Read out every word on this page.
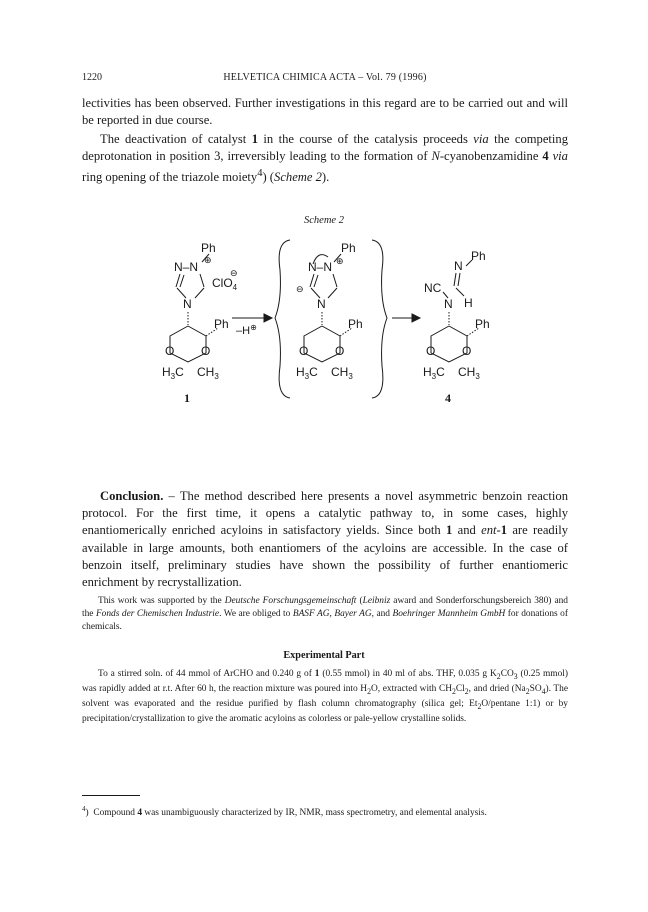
1220	HELVETICA CHIMICA ACTA – Vol. 79 (1996)
lectivities has been observed. Further investigations in this regard are to be carried out and will be reported in due course.
The deactivation of catalyst 1 in the course of the catalysis proceeds via the competing deprotonation in position 3, irreversibly leading to the formation of N-cyanobenzamidine 4 via ring opening of the triazole moiety$^4$) (Scheme 2).
Scheme 2
Ph
N–N ⊕
ClO$_4$
⊖
N
Ph
O O
$H_3C$ $CH_3$
1
–H⊕
Ph
N–N ⊕
⊖
N
Ph
O O
$H_3C$ $CH_3$
Ph
N
NC
H
N
Ph
O O
$H_3C$ $CH_3$
4
Conclusion. – The method described here presents a novel asymmetric benzoin reaction protocol. For the first time, it opens a catalytic pathway to, in some cases, highly enantiomerically enriched acyloins in satisfactory yields. Since both 1 and ent-1 are readily available in large amounts, both enantiomers of the acyloins are accessible. In the case of benzoin itself, preliminary studies have shown the possibility of further enantiomeric enrichment by recrystallization.
This work was supported by the Deutsche Forschungsgemeinschaft (Leibniz award and Sonderforschungsbereich 380) and the Fonds der Chemischen Industrie. We are obliged to BASF AG, Bayer AG, and Boehringer Mannheim GmbH for donations of chemicals.
Experimental Part
To a stirred soln. of 44 mmol of ArCHO and 0.240 g of 1 (0.55 mmol) in 40 ml of abs. THF, 0.035 g $K_2CO_3$ (0.25 mmol) was rapidly added at r.t. After 60 h, the reaction mixture was poured into $H_2O$, extracted with $CH_2Cl_2$, and dried $(Na_2SO_4)$. The solvent was evaporated and the residue purified by flash column chromatography (silica gel; $Et_2O$/pentane 1:1) or by precipitation/crystallization to give the aromatic acyloins as colorless or pale-yellow crystalline solids.
$^4$) Compound 4 was unambiguously characterized by IR, NMR, mass spectrometry, and elemental analysis.
